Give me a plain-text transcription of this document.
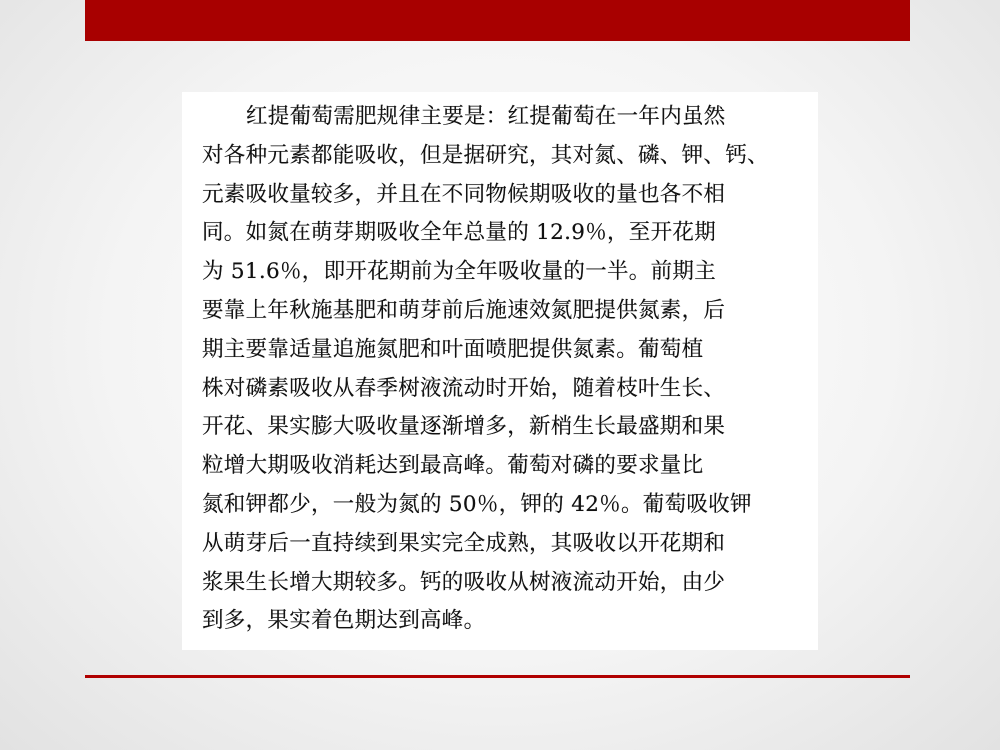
红提葡萄需肥规律主要是：红提葡萄在一年内虽然
对各种元素都能吸收，但是据研究，其对氮、磷、钾、钙、
元素吸收量较多，并且在不同物候期吸收的量也各不相
同。如氮在萌芽期吸收全年总量的 12.9％，至开花期
为 51.6％，即开花期前为全年吸收量的一半。前期主
要靠上年秋施基肥和萌芽前后施速效氮肥提供氮素，后
期主要靠适量追施氮肥和叶面喷肥提供氮素。葡萄植
株对磷素吸收从春季树液流动时开始，随着枝叶生长、
开花、果实膨大吸收量逐渐增多，新梢生长最盛期和果
粒增大期吸收消耗达到最高峰。葡萄对磷的要求量比
氮和钾都少，一般为氮的 50％，钾的 42％。葡萄吸收钾
从萌芽后一直持续到果实完全成熟，其吸收以开花期和
浆果生长增大期较多。钙的吸收从树液流动开始，由少
到多，果实着色期达到高峰。
